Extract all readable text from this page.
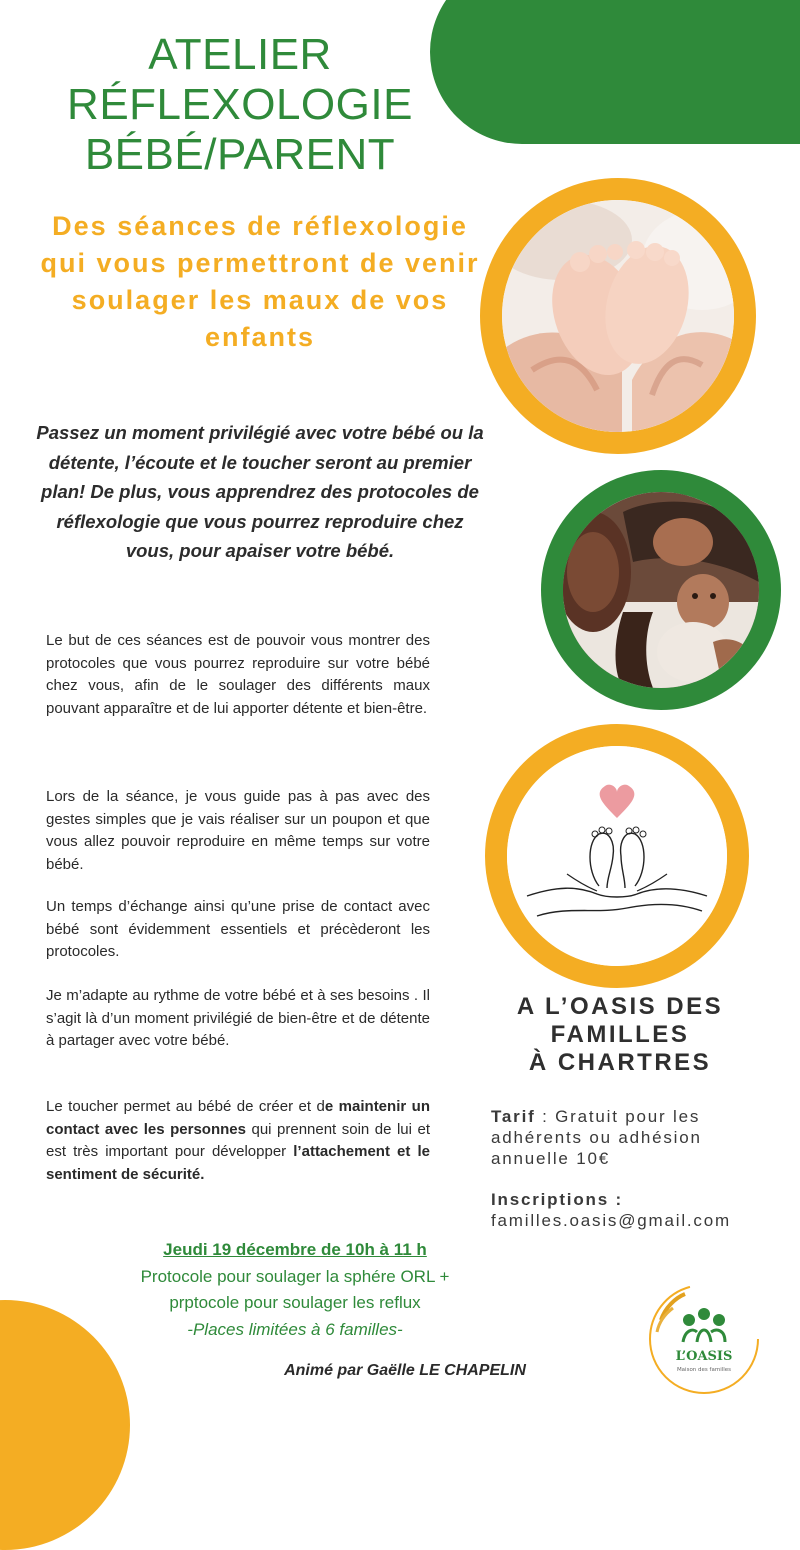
ATELIER
RÉFLEXOLOGIE
BÉBÉ/PARENT
Des séances de réflexologie qui vous permettront de venir soulager les maux de vos enfants
Passez un moment privilégié avec votre bébé ou la détente, l’écoute et le toucher seront au premier plan! De plus, vous apprendrez des protocoles de réflexologie que vous pourrez reproduire chez vous, pour apaiser votre bébé.

Le but de ces séances est de pouvoir vous montrer des protocoles que vous pourrez reproduire sur votre bébé chez vous, afin de le soulager des différents maux pouvant apparaître et de lui apporter détente et bien-être.

Lors de la séance, je vous guide pas à pas avec des gestes simples que je vais réaliser sur un poupon et que vous allez pouvoir reproduire en même temps sur votre bébé.

Un temps d’échange ainsi qu’une prise de contact avec bébé sont évidemment essentiels et précèderont les protocoles.

Je m’adapte au rythme de votre bébé et à ses besoins . Il s’agit là d’un moment privilégié de bien-être et de détente à partager avec votre bébé.

Le toucher permet au bébé de créer et de maintenir un contact avec les personnes qui prennent soin de lui et est très important pour développer l’attachement et le sentiment de sécurité.

Jeudi 19 décembre de 10h à 11 h
Protocole pour soulager la sphére ORL +
prptocole pour soulager les reflux
-Places limitées à 6 familles-
Animé par Gaëlle LE CHAPELIN
A L’OASIS DES
FAMILLES
À CHARTRES
Tarif : Gratuit pour les adhérents ou adhésion annuelle 10€
Inscriptions :
familles.oasis@gmail.com
L’OASIS
Maison des familles
